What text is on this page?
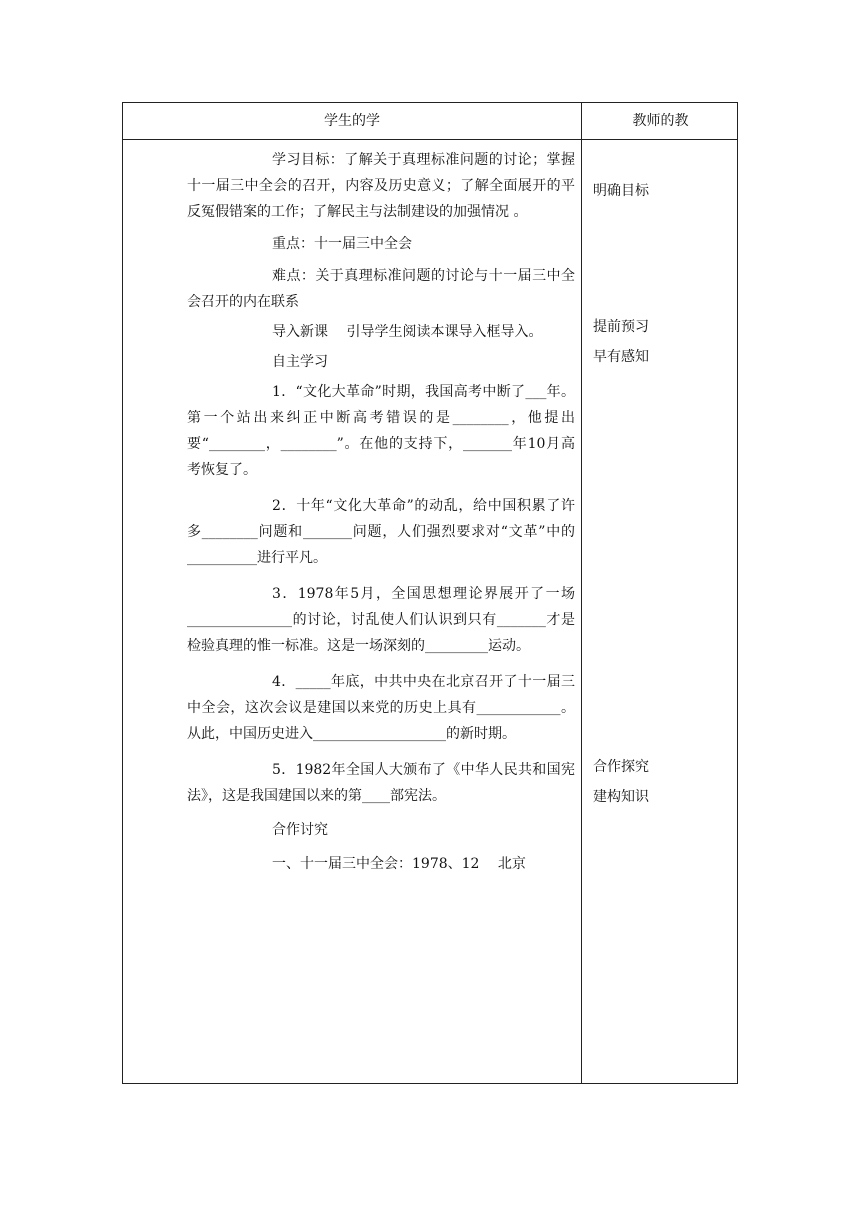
学生的学	教师的教

学习目标：了解关于真理标准问题的讨论；掌握十一届三中全会的召开，内容及历史意义；了解全面展开的平反冤假错案的工作；了解民主与法制建设的加强情况 。

重点：十一届三中全会

难点：关于真理标准问题的讨论与十一届三中全会召开的内在联系

导入新课　 引导学生阅读本课导入框导入。

自主学习

1．“文化大革命”时期，我国高考中断了___年。第一个站出来纠正中断高考错误的是________，他提出要“________，________”。在他的支持下，_______年10月高考恢复了。

2．十年“文化大革命”的动乱，给中国积累了许多________问题和_______问题，人们强烈要求对“文革”中的__________进行平凡。

3．1978年5月，全国思想理论界展开了一场_______________的讨论，讨乱使人们认识到只有_______才是检验真理的惟一标准。这是一场深刻的_________运动。

4．_____年底，中共中央在北京召开了十一届三中全会，这次会议是建国以来党的历史上具有____________。从此，中国历史进入___________________的新时期。

5．1982年全国人大颁布了《中华人民共和国宪法》，这是我国建国以来的第____部宪法。

合作讨究

一、十一届三中全会：1978、12　 北京

明确目标
提前预习
早有感知
合作探究
建构知识
